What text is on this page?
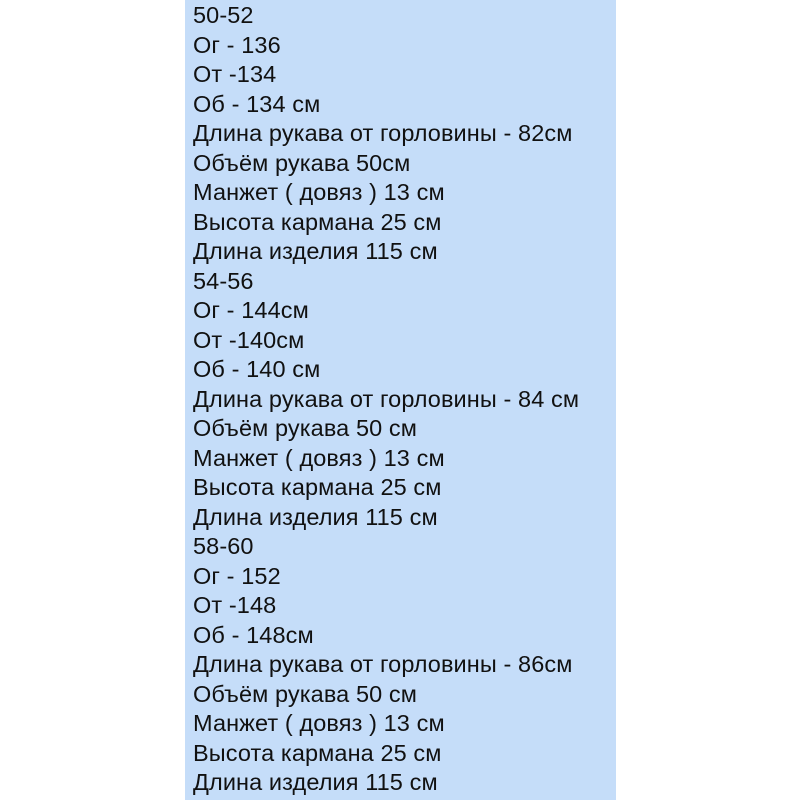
50-52
Ог - 136
От -134
Об - 134 см
Длина рукава от горловины - 82см
Объём рукава 50см
Манжет ( довяз ) 13 см
Высота кармана 25 см
Длина изделия 115 см
54-56
Ог - 144см
От -140см
Об - 140 см
Длина рукава от горловины - 84 см
Объём рукава 50 см
Манжет ( довяз ) 13 см
Высота кармана 25 см
Длина изделия 115 см
58-60
Ог - 152
От -148
Об - 148см
Длина рукава от горловины - 86см
Объём рукава 50 см
Манжет ( довяз ) 13 см
Высота кармана 25 см
Длина изделия 115 см
